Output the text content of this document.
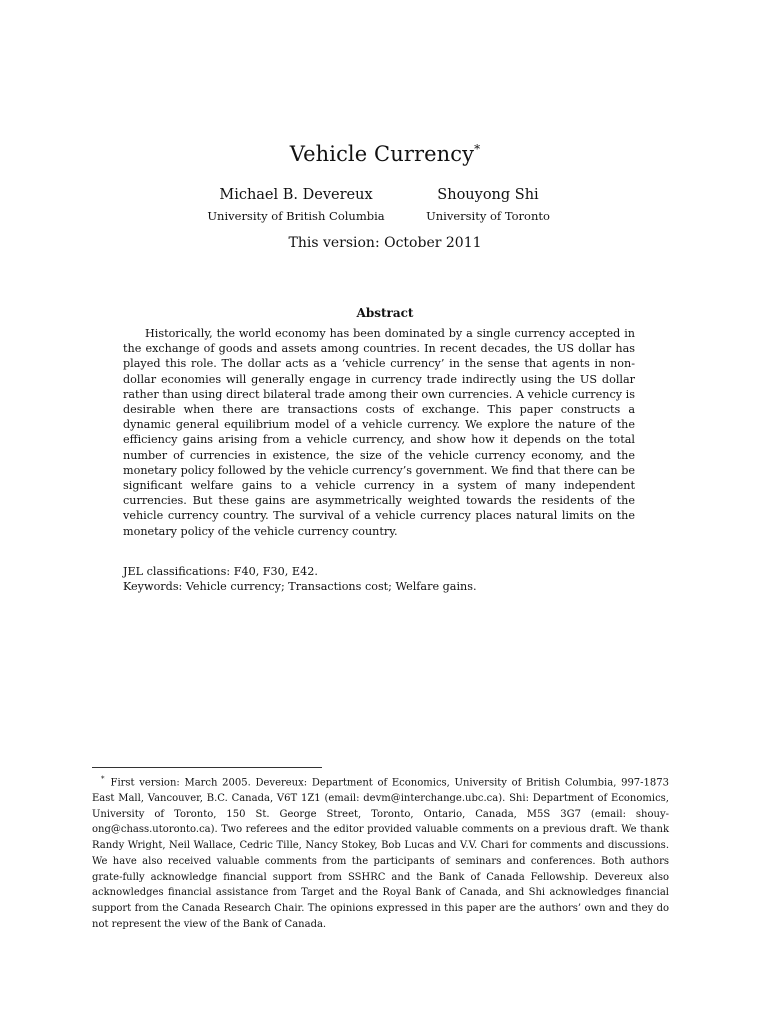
Vehicle Currency*
Michael B. Devereux
University of British Columbia
Shouyong Shi
University of Toronto
This version: October 2011
Abstract

Historically, the world economy has been dominated by a single currency accepted in the exchange of goods and assets among countries. In recent decades, the US dollar has played this role. The dollar acts as a ‘vehicle currency’ in the sense that agents in non-dollar economies will generally engage in currency trade indirectly using the US dollar rather than using direct bilateral trade among their own currencies. A vehicle currency is desirable when there are transactions costs of exchange. This paper constructs a dynamic general equilibrium model of a vehicle currency. We explore the nature of the efficiency gains arising from a vehicle currency, and show how it depends on the total number of currencies in existence, the size of the vehicle currency economy, and the monetary policy followed by the vehicle currency’s government. We find that there can be significant welfare gains to a vehicle currency in a system of many independent currencies. But these gains are asymmetrically weighted towards the residents of the vehicle currency country. The survival of a vehicle currency places natural limits on the monetary policy of the vehicle currency country.

JEL classifications: F40, F30, E42.
Keywords: Vehicle currency; Transactions cost; Welfare gains.

* First version: March 2005. Devereux: Department of Economics, University of British Columbia, 997-1873 East Mall, Vancouver, B.C. Canada, V6T 1Z1 (email: devm@interchange.ubc.ca). Shi: Department of Economics, University of Toronto, 150 St. George Street, Toronto, Ontario, Canada, M5S 3G7 (email: shouy-ong@chass.utoronto.ca). Two referees and the editor provided valuable comments on a previous draft. We thank Randy Wright, Neil Wallace, Cedric Tille, Nancy Stokey, Bob Lucas and V.V. Chari for comments and discussions. We have also received valuable comments from the participants of seminars and conferences. Both authors grate-fully acknowledge financial support from SSHRC and the Bank of Canada Fellowship. Devereux also acknowledges financial assistance from Target and the Royal Bank of Canada, and Shi acknowledges financial support from the Canada Research Chair. The opinions expressed in this paper are the authors’ own and they do not represent the view of the Bank of Canada.
